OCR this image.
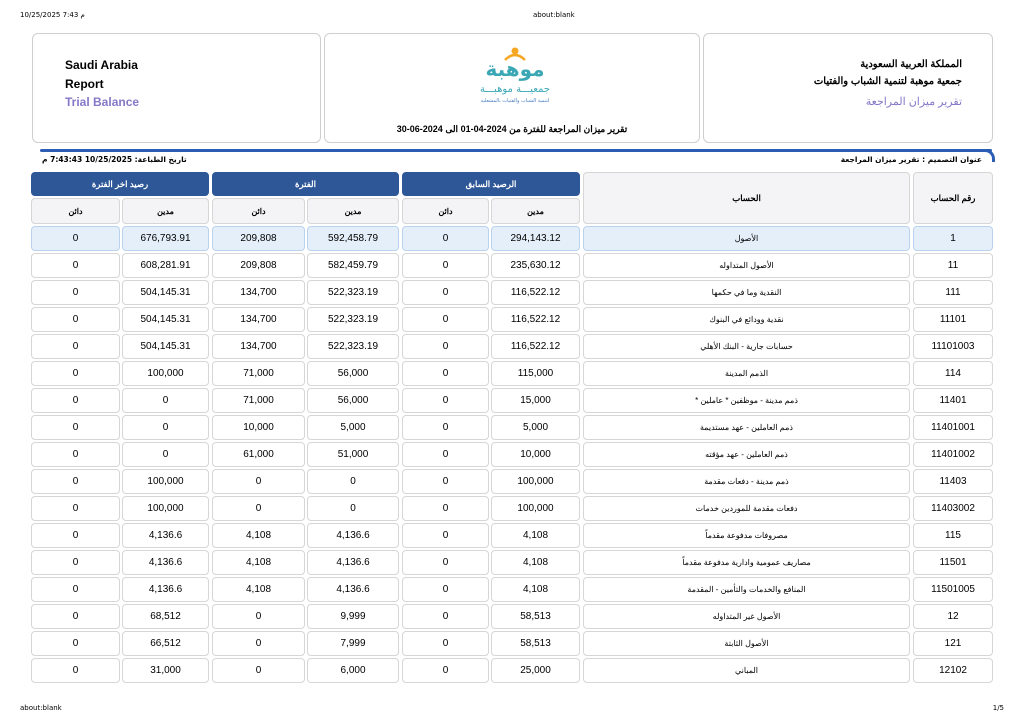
10/25/2025 7:43 م	about:blank
about:blank	1/5
Saudi Arabia
Report
Trial Balance
موهبة
جمعيـــة موهبـــة
لتنمية الشباب والفتيات بالمشعلية
تقرير ميزان المراجعة للفترة من 2024-04-01 الى 2024-06-30
المملكة العربية السعودية
جمعية موهبة لتنمية الشباب والفتيات
تقرير ميزان المراجعة
عنوان التصميم : تقرير ميزان المراجعة
تاريخ الطباعة: 10/25/2025 7:43:43 م
رقم الحساب
الحساب
الرصيد السابق
الفترة
رصيد اخر الفترة
مدين
دائن
مدين
دائن
مدين
دائن
1
الأصول
294,143.12
0
592,458.79
209,808
676,793.91
0
11
الأصول المتداوله
235,630.12
0
582,459.79
209,808
608,281.91
0
111
النقدية وما في حكمها
116,522.12
0
522,323.19
134,700
504,145.31
0
11101
نقدية وودائع في البنوك
116,522.12
0
522,323.19
134,700
504,145.31
0
11101003
حسابات جارية - البنك الأهلي
116,522.12
0
522,323.19
134,700
504,145.31
0
114
الذمم المدينة
115,000
0
56,000
71,000
100,000
0
11401
ذمم مدينة - موظفين * عاملين *
15,000
0
56,000
71,000
0
0
11401001
ذمم العاملين - عهد مستديمة
5,000
0
5,000
10,000
0
0
11401002
ذمم العاملين - عهد مؤقته
10,000
0
51,000
61,000
0
0
11403
ذمم مدينة - دفعات مقدمة
100,000
0
0
0
100,000
0
11403002
دفعات مقدمة للموردين خدمات
100,000
0
0
0
100,000
0
115
مصروفات مدفوعة مقدماً
4,108
0
4,136.6
4,108
4,136.6
0
11501
مصاريف عمومية وادارية مدفوعة مقدماً
4,108
0
4,136.6
4,108
4,136.6
0
11501005
المنافع والخدمات والتأمين - المقدمة
4,108
0
4,136.6
4,108
4,136.6
0
12
الأصول غير المتداوله
58,513
0
9,999
0
68,512
0
121
الأصول الثابتة
58,513
0
7,999
0
66,512
0
12102
المباني
25,000
0
6,000
0
31,000
0
